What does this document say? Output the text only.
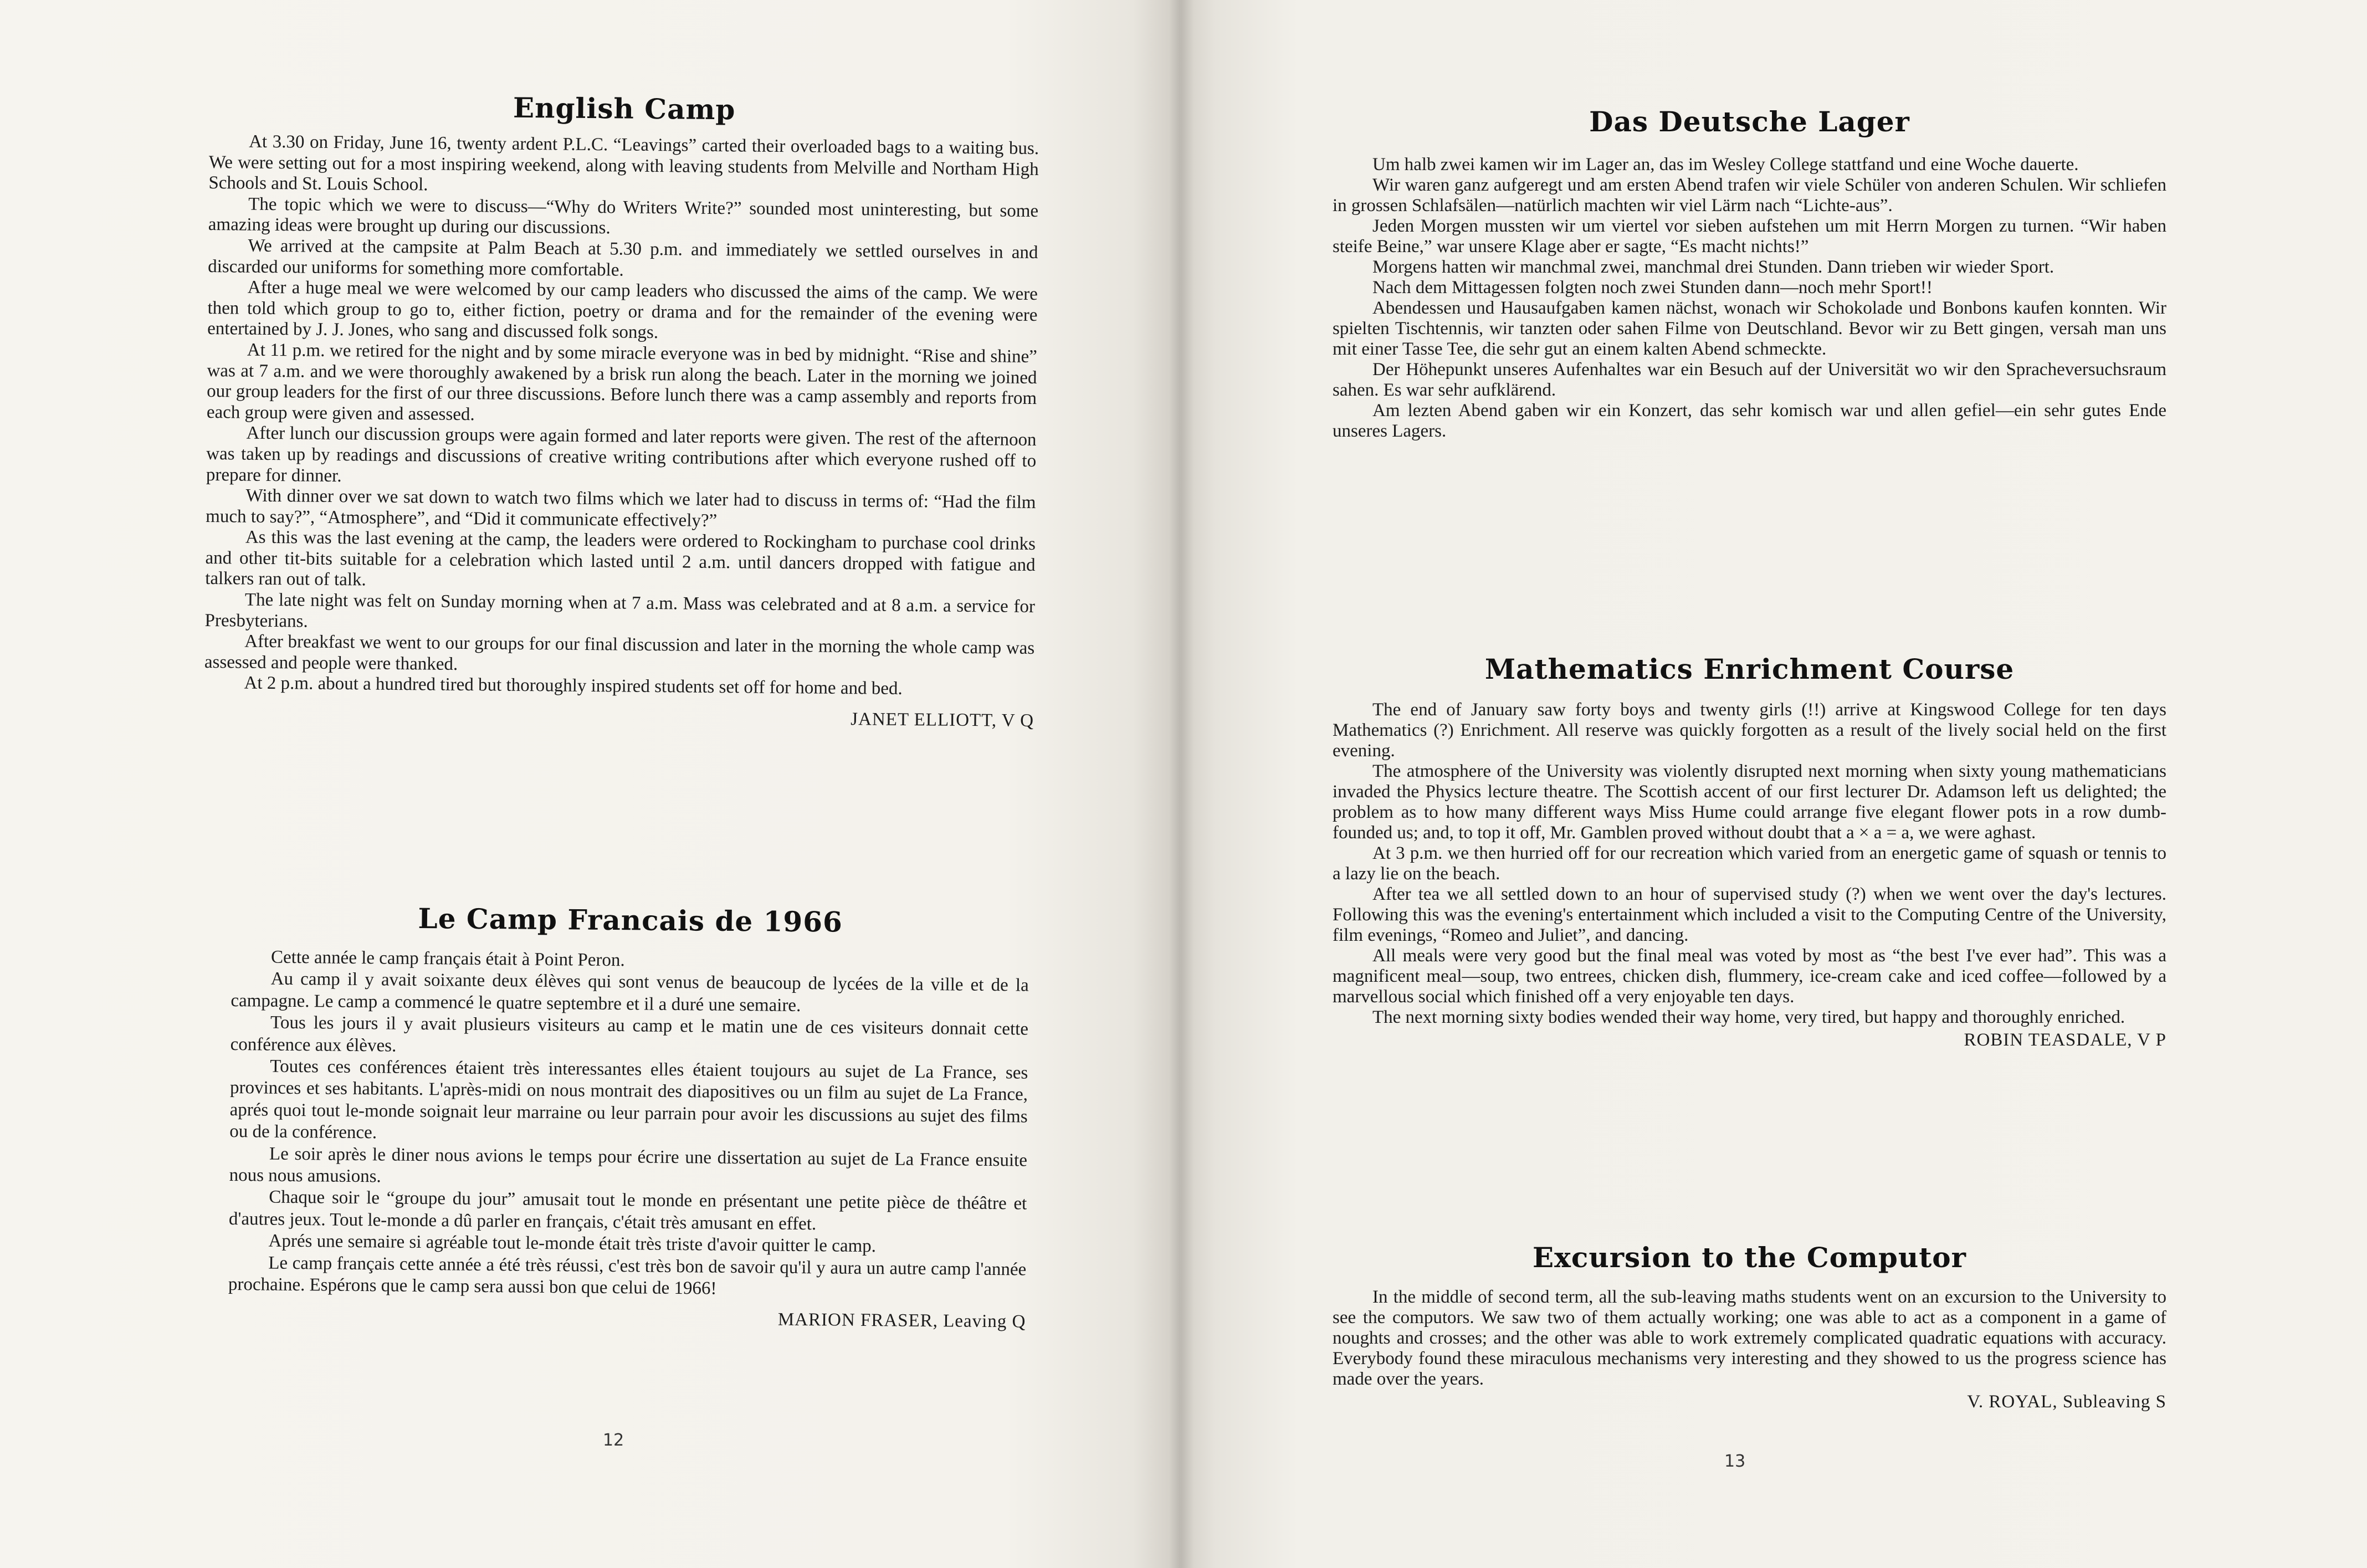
English Camp

At 3.30 on Friday, June 16, twenty ardent P.L.C. “Leavings” carted their overloaded bags to a waiting bus. We were setting out for a most inspiring weekend, along with leaving students from Melville and Northam High Schools and St. Louis School.

The topic which we were to discuss—“Why do Writers Write?” sounded most uninteresting, but some amazing ideas were brought up during our discussions.

We arrived at the campsite at Palm Beach at 5.30 p.m. and immediately we settled ourselves in and discarded our uniforms for something more comfortable.

After a huge meal we were welcomed by our camp leaders who discussed the aims of the camp. We were then told which group to go to, either fiction, poetry or drama and for the remainder of the evening were entertained by J. J. Jones, who sang and discussed folk songs.

At 11 p.m. we retired for the night and by some miracle everyone was in bed by midnight. “Rise and shine” was at 7 a.m. and we were thoroughly awakened by a brisk run along the beach. Later in the morning we joined our group leaders for the first of our three discussions. Before lunch there was a camp assembly and reports from each group were given and assessed.

After lunch our discussion groups were again formed and later reports were given. The rest of the afternoon was taken up by readings and discussions of creative writing contributions after which everyone rushed off to prepare for dinner.

With dinner over we sat down to watch two films which we later had to discuss in terms of: “Had the film much to say?”, “Atmosphere”, and “Did it communicate effectively?”

As this was the last evening at the camp, the leaders were ordered to Rockingham to purchase cool drinks and other tit-bits suitable for a celebration which lasted until 2 a.m. until dancers dropped with fatigue and talkers ran out of talk.

The late night was felt on Sunday morning when at 7 a.m. Mass was celebrated and at 8 a.m. a service for Presbyterians.

After breakfast we went to our groups for our final discussion and later in the morning the whole camp was assessed and people were thanked.

At 2 p.m. about a hundred tired but thoroughly inspired students set off for home and bed.

JANET ELLIOTT, V Q

Le Camp Francais de 1966

Cette année le camp français était à Point Peron.

Au camp il y avait soixante deux élèves qui sont venus de beaucoup de lycées de la ville et de la campagne. Le camp a commencé le quatre septembre et il a duré une semaire.

Tous les jours il y avait plusieurs visiteurs au camp et le matin une de ces visiteurs donnait cette conférence aux élèves.

Toutes ces conférences étaient très interessantes elles étaient toujours au sujet de La France, ses provinces et ses habitants. L'après-midi on nous montrait des diapositives ou un film au sujet de La France, aprés quoi tout le-monde soignait leur marraine ou leur parrain pour avoir les discussions au sujet des films ou de la conférence.

Le soir après le diner nous avions le temps pour écrire une dissertation au sujet de La France ensuite nous nous amusions.

Chaque soir le “groupe du jour” amusait tout le monde en présentant une petite pièce de théâtre et d'autres jeux. Tout le-monde a dû parler en français, c'était très amusant en effet.

Aprés une semaire si agréable tout le-monde était très triste d'avoir quitter le camp.

Le camp français cette année a été très réussi, c'est très bon de savoir qu'il y aura un autre camp l'année prochaine. Espérons que le camp sera aussi bon que celui de 1966!

MARION FRASER, Leaving Q

12
Das Deutsche Lager

Um halb zwei kamen wir im Lager an, das im Wesley College stattfand und eine Woche dauerte.

Wir waren ganz aufgeregt und am ersten Abend trafen wir viele Schüler von anderen Schulen. Wir schliefen in grossen Schlafsälen—natürlich machten wir viel Lärm nach “Lichte-aus”.

Jeden Morgen mussten wir um viertel vor sieben aufstehen um mit Herrn Morgen zu turnen. “Wir haben steife Beine,” war unsere Klage aber er sagte, “Es macht nichts!”

Morgens hatten wir manchmal zwei, manchmal drei Stunden. Dann trieben wir wieder Sport.

Nach dem Mittagessen folgten noch zwei Stunden dann—noch mehr Sport!!

Abendessen und Hausaufgaben kamen nächst, wonach wir Schokolade und Bonbons kaufen konnten. Wir spielten Tischtennis, wir tanzten oder sahen Filme von Deutschland. Bevor wir zu Bett gingen, versah man uns mit einer Tasse Tee, die sehr gut an einem kalten Abend schmeckte.

Der Höhepunkt unseres Aufenhaltes war ein Besuch auf der Universität wo wir den Spracheversuchsraum sahen. Es war sehr aufklärend.

Am lezten Abend gaben wir ein Konzert, das sehr komisch war und allen gefiel—ein sehr gutes Ende unseres Lagers.

Mathematics Enrichment Course

The end of January saw forty boys and twenty girls (!!) arrive at Kingswood College for ten days Mathematics (?) Enrichment. All reserve was quickly forgotten as a result of the lively social held on the first evening.

The atmosphere of the University was violently disrupted next morning when sixty young mathematicians invaded the Physics lecture theatre. The Scottish accent of our first lecturer Dr. Adamson left us delighted; the problem as to how many different ways Miss Hume could arrange five elegant flower pots in a row dumb-founded us; and, to top it off, Mr. Gamblen proved without doubt that a × a = a, we were aghast.

At 3 p.m. we then hurried off for our recreation which varied from an energetic game of squash or tennis to a lazy lie on the beach.

After tea we all settled down to an hour of supervised study (?) when we went over the day's lectures. Following this was the evening's entertainment which included a visit to the Computing Centre of the University, film evenings, “Romeo and Juliet”, and dancing.

All meals were very good but the final meal was voted by most as “the best I've ever had”. This was a magnificent meal—soup, two entrees, chicken dish, flummery, ice-cream cake and iced coffee—followed by a marvellous social which finished off a very enjoyable ten days.

The next morning sixty bodies wended their way home, very tired, but happy and thoroughly enriched.

ROBIN TEASDALE, V P

Excursion to the Computor

In the middle of second term, all the sub-leaving maths students went on an excursion to the University to see the computors. We saw two of them actually working; one was able to act as a component in a game of noughts and crosses; and the other was able to work extremely complicated quadratic equations with accuracy. Everybody found these miraculous mechanisms very interesting and they showed to us the progress science has made over the years.

V. ROYAL, Subleaving S

13
